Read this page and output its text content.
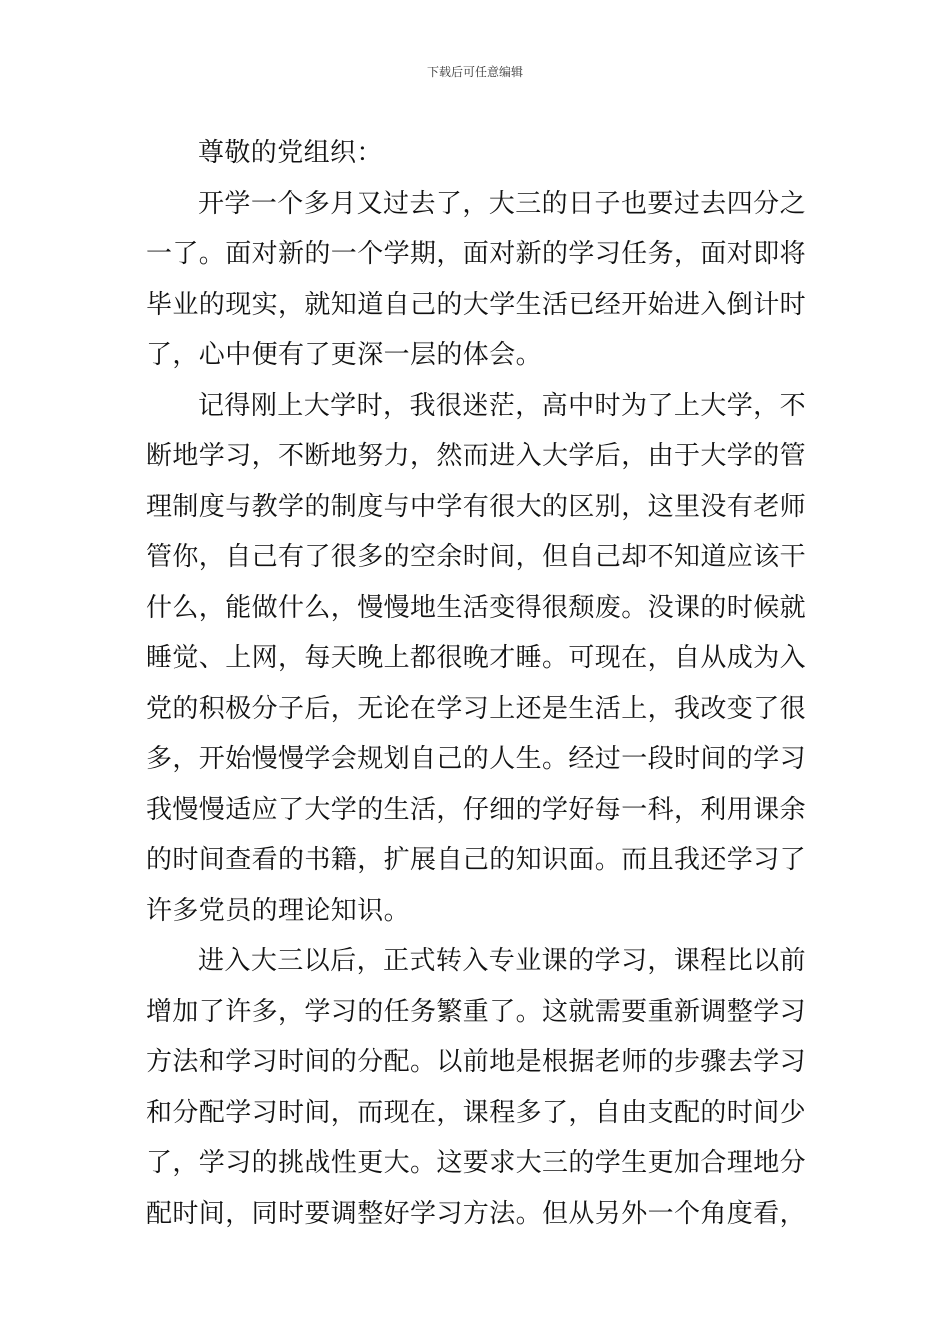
下载后可任意编辑

尊敬的党组织：

开学一个多月又过去了，大三的日子也要过去四分之一了。面对新的一个学期，面对新的学习任务，面对即将毕业的现实，就知道自己的大学生活已经开始进入倒计时了，心中便有了更深一层的体会。

记得刚上大学时，我很迷茫，高中时为了上大学，不断地学习，不断地努力，然而进入大学后，由于大学的管理制度与教学的制度与中学有很大的区别，这里没有老师管你，自己有了很多的空余时间，但自己却不知道应该干什么，能做什么，慢慢地生活变得很颓废。没课的时候就睡觉、上网，每天晚上都很晚才睡。可现在，自从成为入党的积极分子后，无论在学习上还是生活上，我改变了很多，开始慢慢学会规划自己的人生。经过一段时间的学习我慢慢适应了大学的生活，仔细的学好每一科，利用课余的时间查看的书籍，扩展自己的知识面。而且我还学习了许多党员的理论知识。

进入大三以后，正式转入专业课的学习，课程比以前增加了许多，学习的任务繁重了。这就需要重新调整学习方法和学习时间的分配。以前地是根据老师的步骤去学习和分配学习时间，而现在，课程多了，自由支配的时间少了，学习的挑战性更大。这要求大三的学生更加合理地分配时间，同时要调整好学习方法。但从另外一个角度看，
